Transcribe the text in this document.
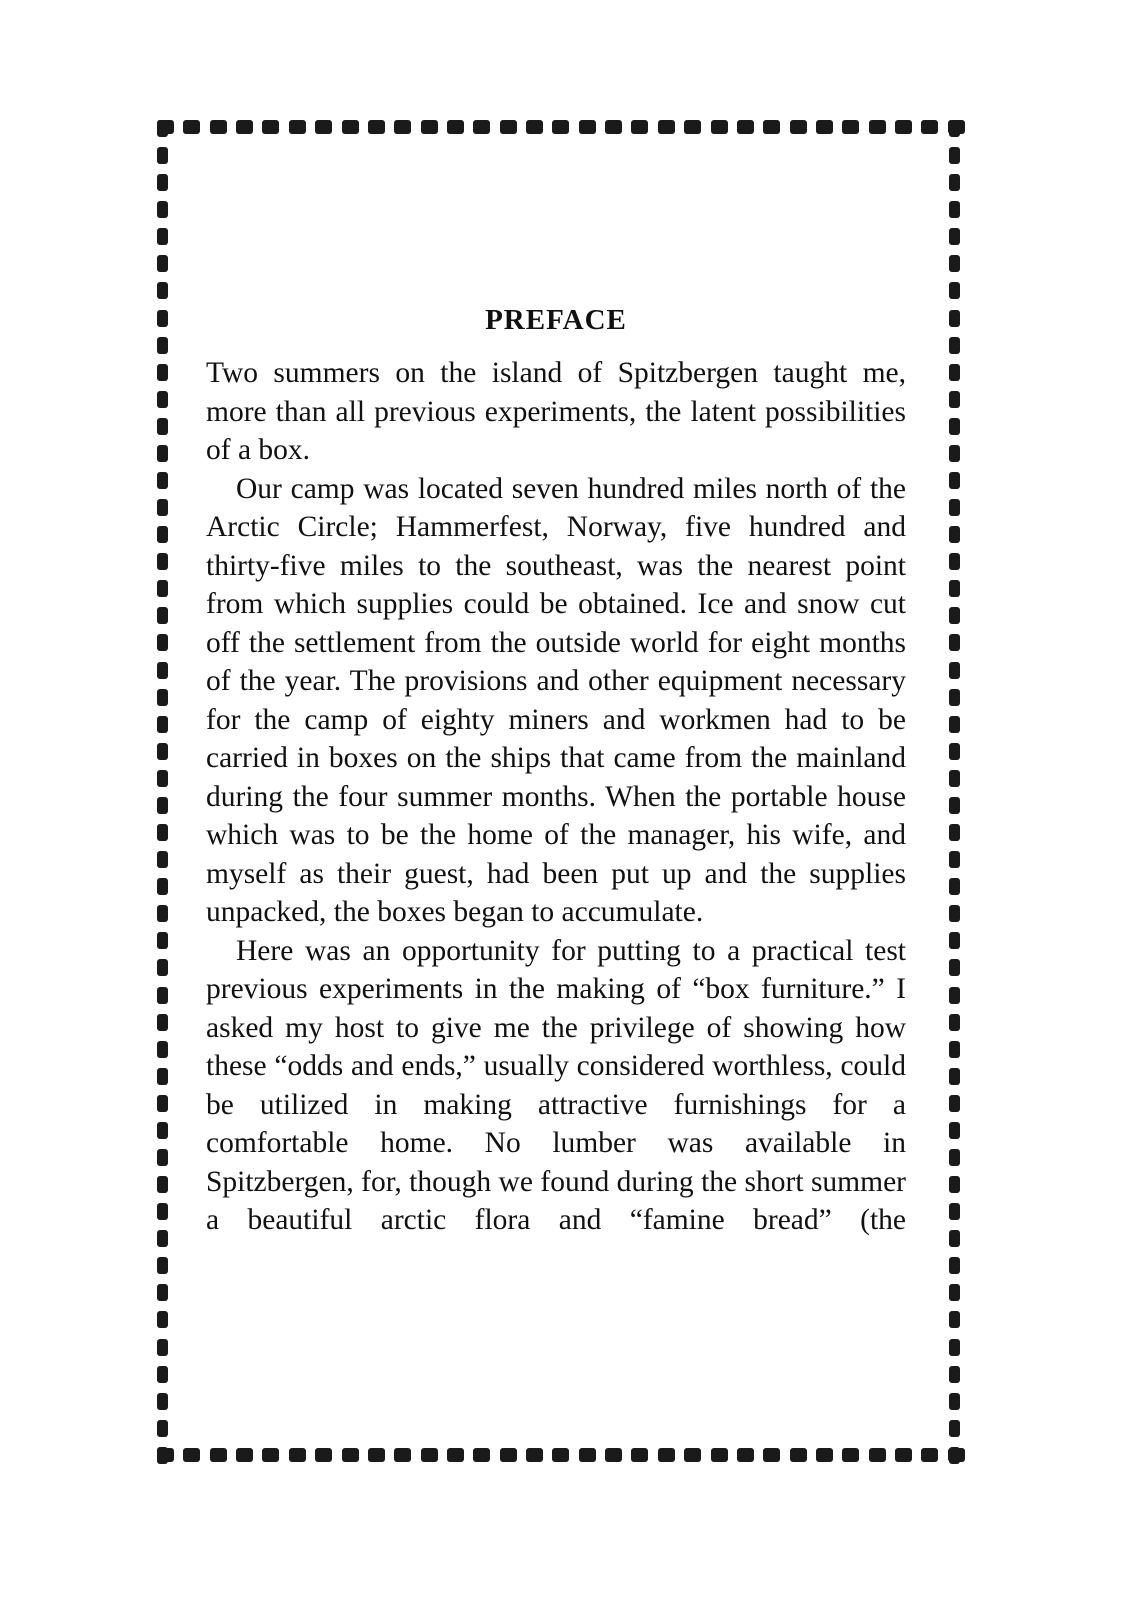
PREFACE

Two summers on the island of Spitzbergen taught me, more than all previous experiments, the latent possibilities of a box.

Our camp was located seven hundred miles north of the Arctic Circle; Hammerfest, Norway, five hundred and thirty-five miles to the southeast, was the nearest point from which supplies could be obtained. Ice and snow cut off the settlement from the outside world for eight months of the year. The provisions and other equipment necessary for the camp of eighty miners and workmen had to be carried in boxes on the ships that came from the mainland during the four summer months. When the portable house which was to be the home of the manager, his wife, and myself as their guest, had been put up and the supplies unpacked, the boxes began to accumulate.

Here was an opportunity for putting to a practical test previous experiments in the making of “box furniture.” I asked my host to give me the privilege of showing how these “odds and ends,” usually considered worthless, could be utilized in making attractive furnishings for a comfortable home. No lumber was available in Spitzbergen, for, though we found during the short summer a beautiful arctic flora and “famine bread” (the
